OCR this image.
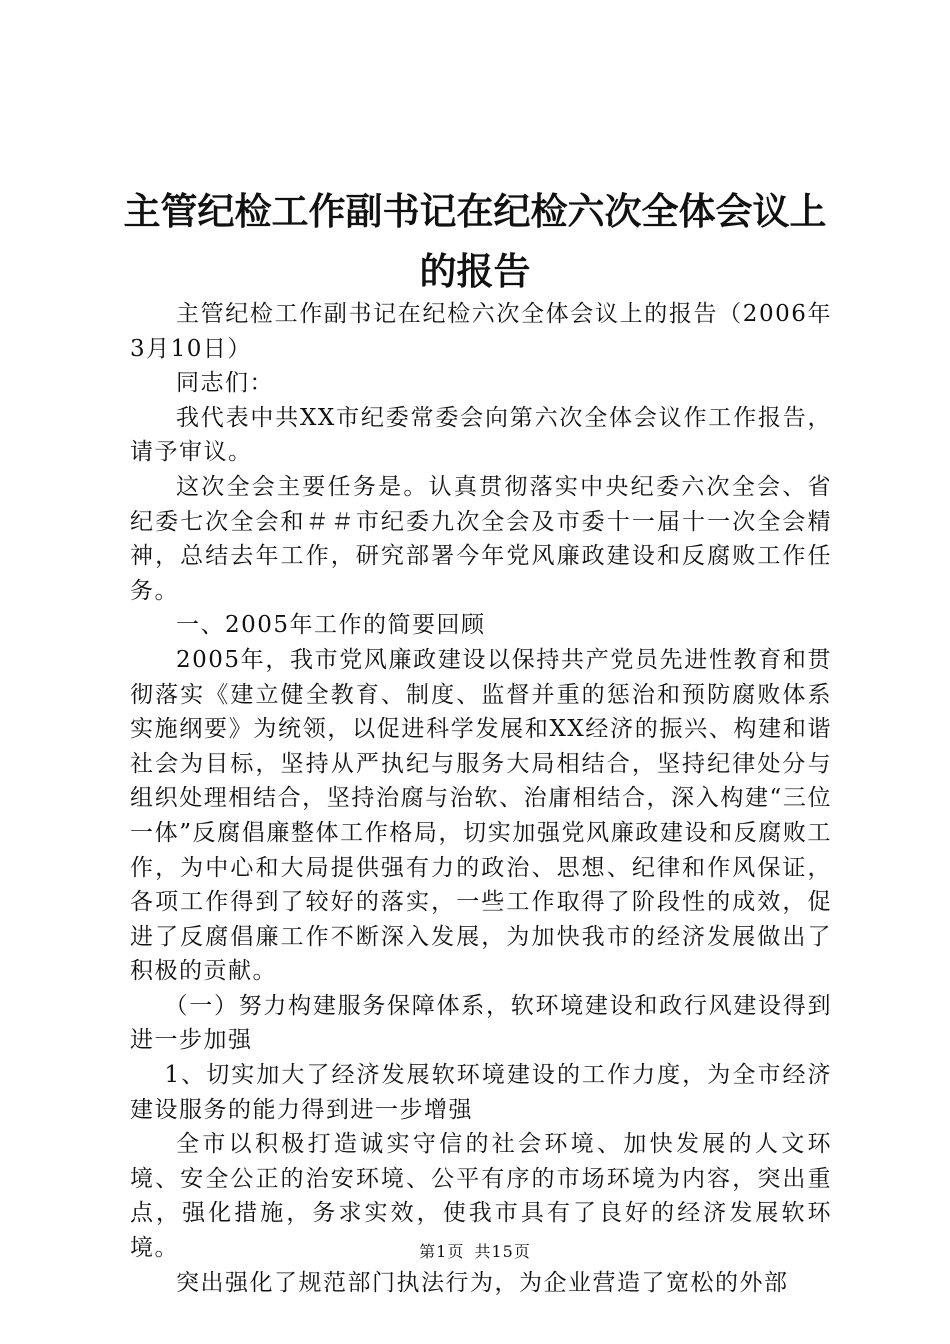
主管纪检工作副书记在纪检六次全体会议上的报告

主管纪检工作副书记在纪检六次全体会议上的报告（2006年3月10日）

同志们：

我代表中共XX市纪委常委会向第六次全体会议作工作报告，请予审议。

这次全会主要任务是。认真贯彻落实中央纪委六次全会、省纪委七次全会和＃＃市纪委九次全会及市委十一届十一次全会精神，总结去年工作，研究部署今年党风廉政建设和反腐败工作任务。

一、2005年工作的简要回顾

2005年，我市党风廉政建设以保持共产党员先进性教育和贯彻落实《建立健全教育、制度、监督并重的惩治和预防腐败体系实施纲要》为统领，以促进科学发展和XX经济的振兴、构建和谐社会为目标，坚持从严执纪与服务大局相结合，坚持纪律处分与组织处理相结合，坚持治腐与治软、治庸相结合，深入构建“三位一体”反腐倡廉整体工作格局，切实加强党风廉政建设和反腐败工作，为中心和大局提供强有力的政治、思想、纪律和作风保证，各项工作得到了较好的落实，一些工作取得了阶段性的成效，促进了反腐倡廉工作不断深入发展，为加快我市的经济发展做出了积极的贡献。

（一）努力构建服务保障体系，软环境建设和政行风建设得到进一步加强

1、切实加大了经济发展软环境建设的工作力度，为全市经济建设服务的能力得到进一步增强

全市以积极打造诚实守信的社会环境、加快发展的人文环境、安全公正的治安环境、公平有序的市场环境为内容，突出重点，强化措施，务求实效，使我市具有了良好的经济发展软环境。

突出强化了规范部门执法行为，为企业营造了宽松的外部

第1页 共15页
